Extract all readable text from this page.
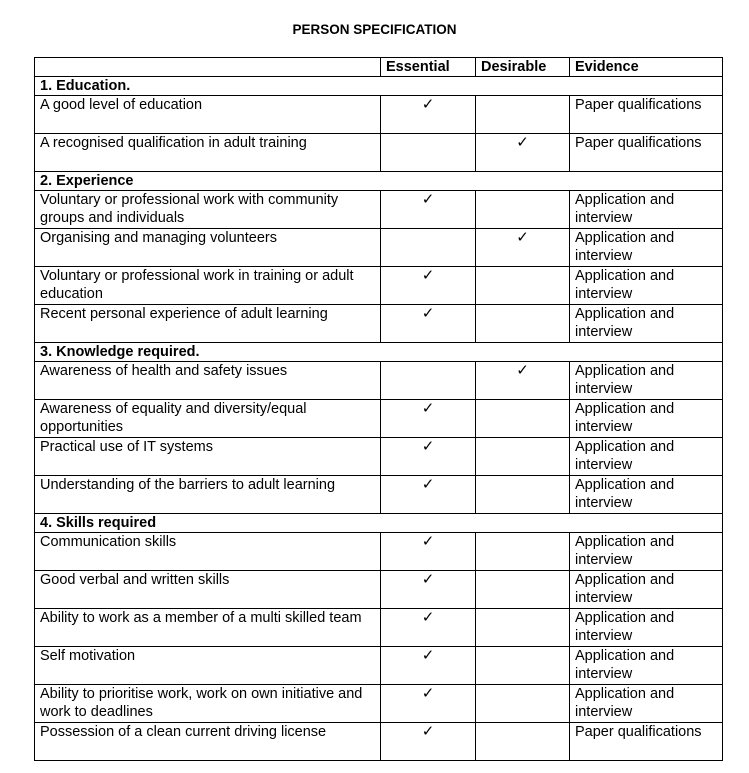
PERSON SPECIFICATION
	Essential	Desirable	Evidence
1. Education.			
A good level of education	✓		Paper qualifications
A recognised qualification in adult training		✓	Paper qualifications
2. Experience			
Voluntary or professional work with community groups and individuals	✓		Application and interview
Organising and managing volunteers		✓	Application and interview
Voluntary or professional work in training or adult education	✓		Application and interview
Recent personal experience of adult learning	✓		Application and interview
3. Knowledge required.			
Awareness of health and safety issues		✓	Application and interview
Awareness of equality and diversity/equal opportunities	✓		Application and interview
Practical use of IT systems	✓		Application and interview
Understanding of the barriers to adult learning	✓		Application and interview
4. Skills required			
Communication skills	✓		Application and interview
Good verbal and written skills	✓		Application and interview
Ability to work as a member of a multi skilled team	✓		Application and interview
Self motivation	✓		Application and interview
Ability to prioritise work, work on own initiative and work to deadlines	✓		Application and interview
Possession of a clean current driving license	✓		Paper qualifications
